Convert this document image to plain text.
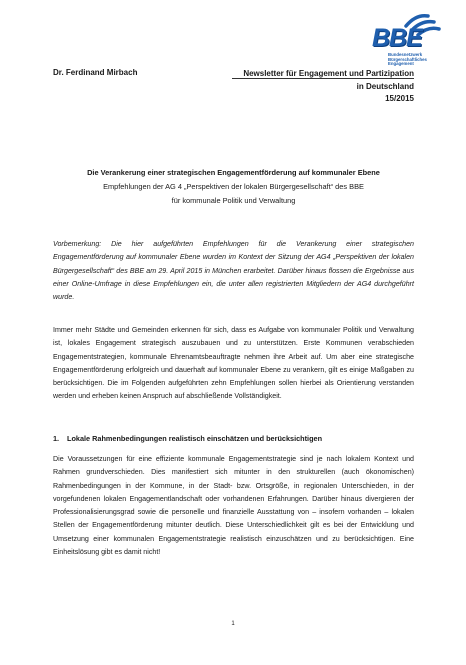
BBE
Bundesnetzwerk Bürgerschaftliches Engagement
Dr. Ferdinand Mirbach	Newsletter für Engagement und Partizipation
in Deutschland
15/2015
Die Verankerung einer strategischen Engagementförderung auf kommunaler Ebene
Empfehlungen der AG 4 „Perspektiven der lokalen Bürgergesellschaft“ des BBE
für kommunale Politik und Verwaltung
Vorbemerkung: Die hier aufgeführten Empfehlungen für die Verankerung einer strategischen Engagementförderung auf kommunaler Ebene wurden im Kontext der Sitzung der AG4 „Perspektiven der lokalen Bürgergesellschaft“ des BBE am 29. April 2015 in München erarbeitet. Darüber hinaus flossen die Ergebnisse aus einer Online-Umfrage in diese Empfehlungen ein, die unter allen registrierten Mitgliedern der AG4 durchgeführt wurde.
Immer mehr Städte und Gemeinden erkennen für sich, dass es Aufgabe von kommunaler Politik und Verwaltung ist, lokales Engagement strategisch auszubauen und zu unterstützen. Erste Kommunen verabschieden Engagementstrategien, kommunale Ehrenamtsbeauftragte nehmen ihre Arbeit auf. Um aber eine strategische Engagementförderung erfolgreich und dauerhaft auf kommunaler Ebene zu verankern, gilt es einige Maßgaben zu berücksichtigen. Die im Folgenden aufgeführten zehn Empfehlungen sollen hierbei als Orientierung verstanden werden und erheben keinen Anspruch auf abschließende Vollständigkeit.
1. Lokale Rahmenbedingungen realistisch einschätzen und berücksichtigen
Die Voraussetzungen für eine effiziente kommunale Engagementstrategie sind je nach lokalem Kontext und Rahmen grundverschieden. Dies manifestiert sich mitunter in den strukturellen (auch ökonomischen) Rahmenbedingungen in der Kommune, in der Stadt- bzw. Ortsgröße, in regionalen Unterschieden, in der vorgefundenen lokalen Engagementlandschaft oder vorhandenen Erfahrungen. Darüber hinaus divergieren der Professionalisierungsgrad sowie die personelle und finanzielle Ausstattung von – insofern vorhanden – lokalen Stellen der Engagementförderung mitunter deutlich. Diese Unterschiedlichkeit gilt es bei der Entwicklung und Umsetzung einer kommunalen Engagementstrategie realistisch einzuschätzen und zu berücksichtigen. Eine Einheitslösung gibt es damit nicht!
1
